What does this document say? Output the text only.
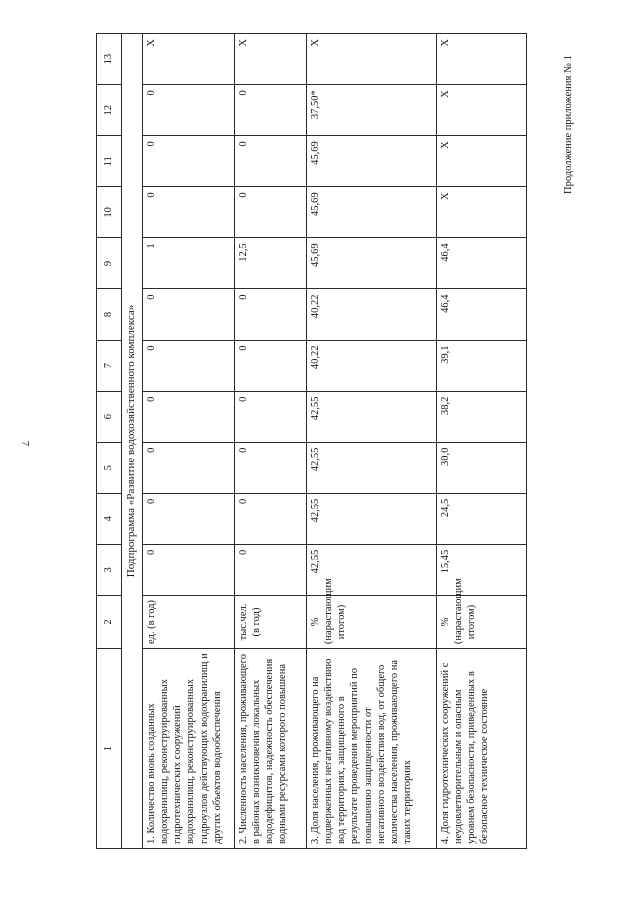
7
Продолжение приложения № 1
1	2	3	4	5	6	7	8	9	10	11	12	13
Подпрограмма «Развитие водохозяйственного комплекса»												
1. Количество вновь созданных водохранилищ, реконструированных гидротехнических сооружений водохранилищ, реконструированных гидроузлов действующих водохранилищ и других объектов водообеспечения	ед. (в год)	0	0	0	0	0	0	1	0	0	0	X
2. Численность населения, проживающего в районах возникновения локальных вододефицитов, надежность обеспечения водными ресурсами которого повышена	тыс.чел. (в год)	0	0	0	0	0	0	12,5	0	0	0	X
3. Доля населения, проживающего на подверженных негативному воздействию вод территориях, защищенного в результате проведения мероприятий по повышению защищенности от негативного воздействия вод, от общего количества населения, проживающего на таких территориях	% (нарастающим итогом)	42,55	42,55	42,55	42,55	40,22	40,22	45,69	45,69	45,69	37,50*	X
4. Доля гидротехнических сооружений с неудовлетворительным и опасным уровнем безопасности, приведенных в безопасное техническое состояние	% (нарастающим итогом)	15,45	24,5	30,0	38,2	39,1	46,4	46,4	X	X	X	X
